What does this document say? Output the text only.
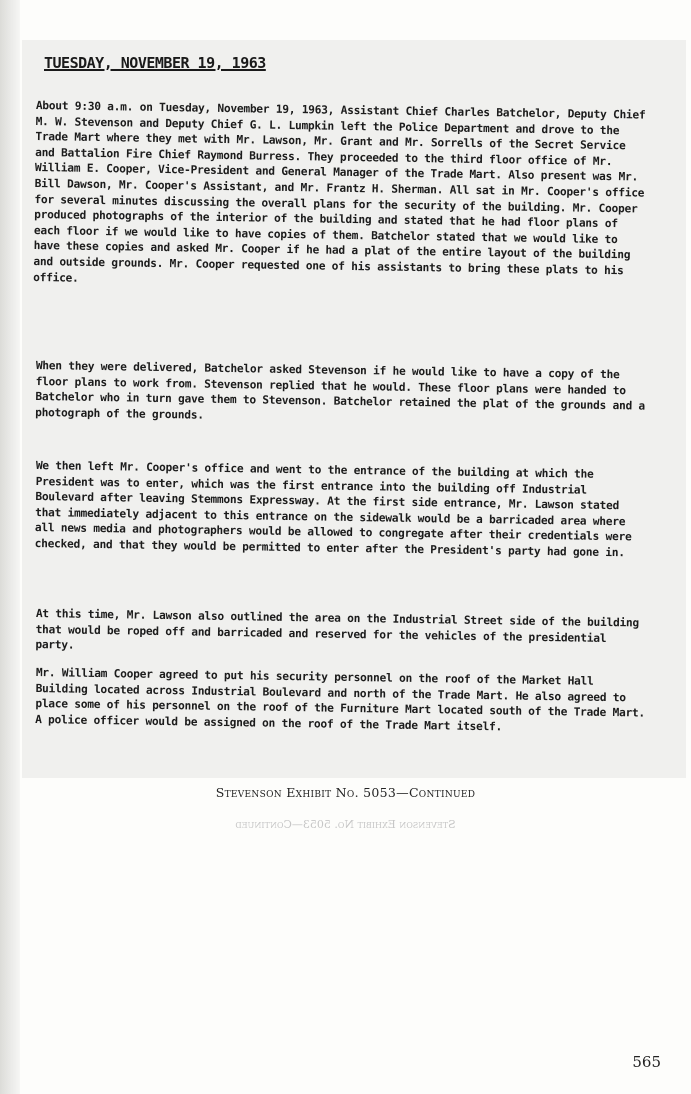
TUESDAY, NOVEMBER 19, 1963

About 9:30 a.m. on Tuesday, November 19, 1963, Assistant Chief Charles Batchelor, Deputy Chief M. W. Stevenson and Deputy Chief G. L. Lumpkin left the Police Department and drove to the Trade Mart where they met with Mr. Lawson, Mr. Grant and Mr. Sorrells of the Secret Service and Battalion Fire Chief Raymond Burress. They proceeded to the third floor office of Mr. William E. Cooper, Vice-President and General Manager of the Trade Mart. Also present was Mr. Bill Dawson, Mr. Cooper's Assistant, and Mr. Frantz H. Sherman. All sat in Mr. Cooper's office for several minutes discussing the overall plans for the security of the building. Mr. Cooper produced photographs of the interior of the building and stated that he had floor plans of each floor if we would like to have copies of them. Batchelor stated that we would like to have these copies and asked Mr. Cooper if he had a plat of the entire layout of the building and outside grounds. Mr. Cooper requested one of his assistants to bring these plats to his office.

When they were delivered, Batchelor asked Stevenson if he would like to have a copy of the floor plans to work from. Stevenson replied that he would. These floor plans were handed to Batchelor who in turn gave them to Stevenson. Batchelor retained the plat of the grounds and a photograph of the grounds.

We then left Mr. Cooper's office and went to the entrance of the building at which the President was to enter, which was the first entrance into the building off Industrial Boulevard after leaving Stemmons Expressway. At the first side entrance, Mr. Lawson stated that immediately adjacent to this entrance on the sidewalk would be a barricaded area where all news media and photographers would be allowed to congregate after their credentials were checked, and that they would be permitted to enter after the President's party had gone in.

At this time, Mr. Lawson also outlined the area on the Industrial Street side of the building that would be roped off and barricaded and reserved for the vehicles of the presidential party.

Mr. William Cooper agreed to put his security personnel on the roof of the Market Hall Building located across Industrial Boulevard and north of the Trade Mart. He also agreed to place some of his personnel on the roof of the Furniture Mart located south of the Trade Mart. A police officer would be assigned on the roof of the Trade Mart itself.

Stevenson Exhibit No. 5053—Continued

Stevenson Exhibit No. 5053—Continued

565
